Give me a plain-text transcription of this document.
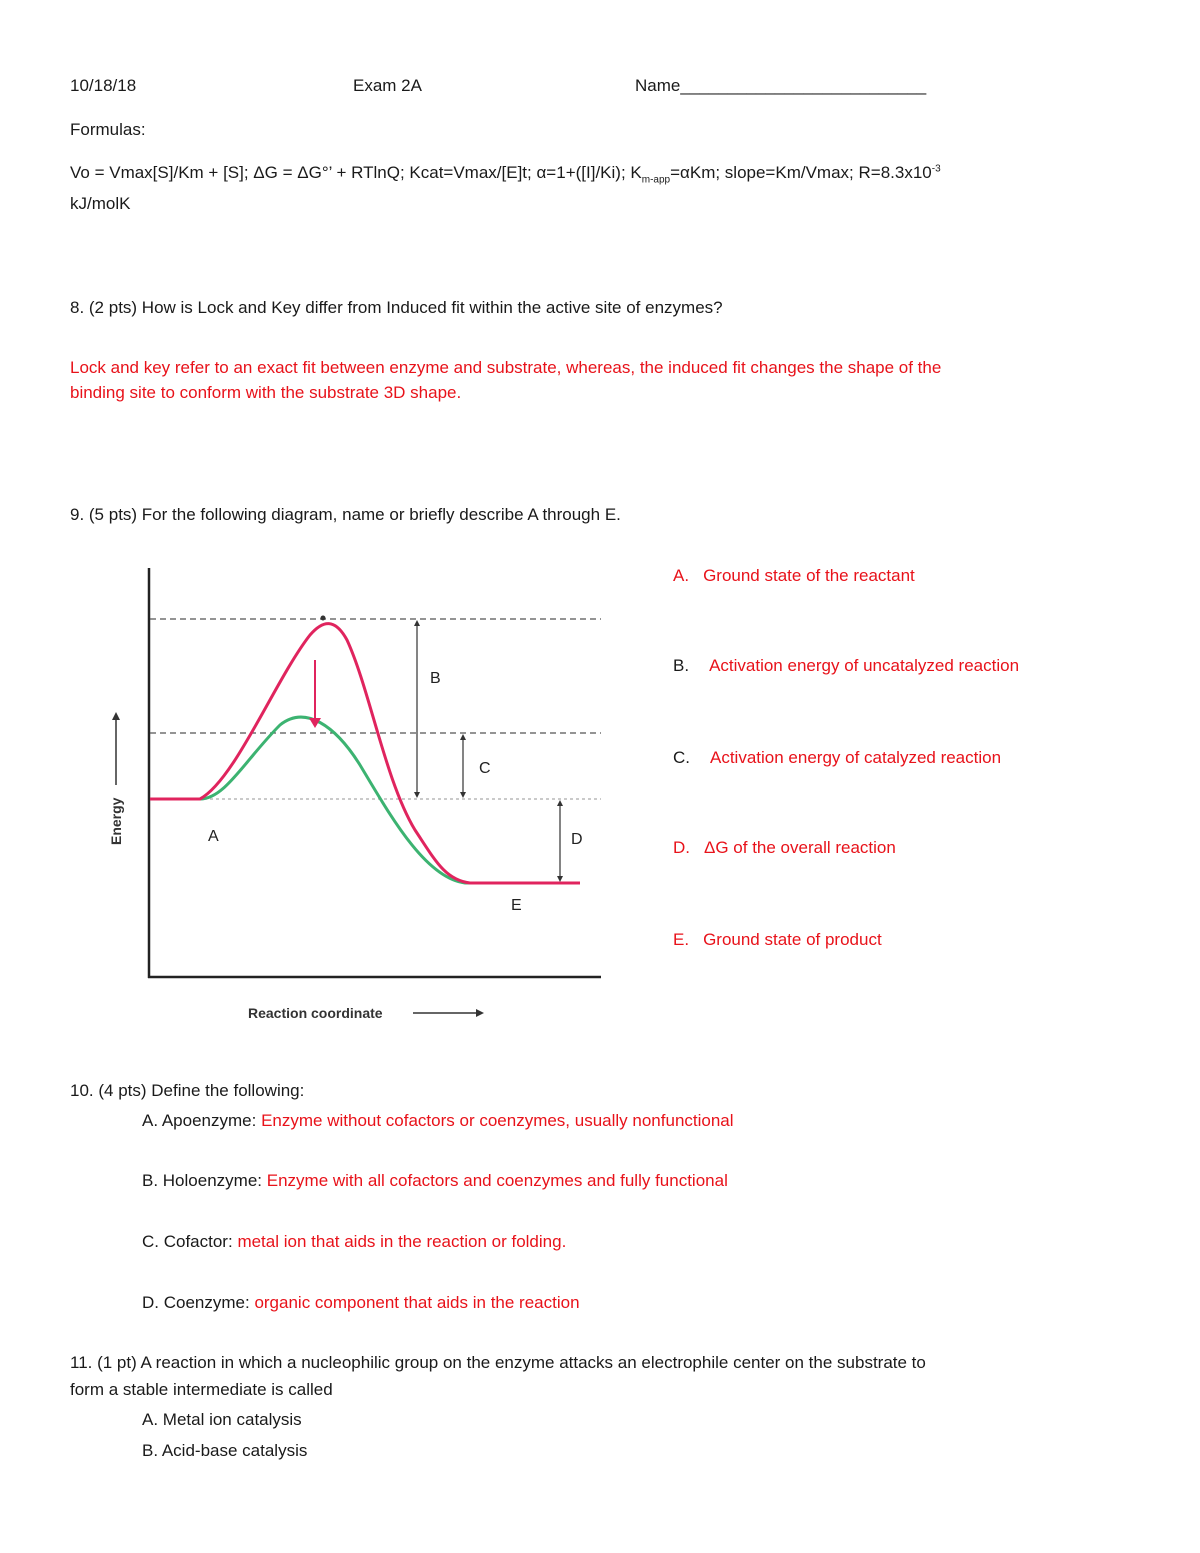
10/18/18	Exam 2A	Name__________________________
Formulas:
Vo = Vmax[S]/Km + [S]; ΔG = ΔG°’ + RTlnQ; Kcat=Vmax/[E]t; α=1+([I]/Ki); $K_{m-app}=\alpha Km$; slope=Km/Vmax; $R=8.3x10^{-3}$
kJ/molK
8. (2 pts) How is Lock and Key differ from Induced fit within the active site of enzymes?
Lock and key refer to an exact fit between enzyme and substrate, whereas, the induced fit changes the shape of the
binding site to conform with the substrate 3D shape.
9. (5 pts) For the following diagram, name or briefly describe A through E.
B
C
A	D
E
Energy
Reaction coordinate
A. Ground state of the reactant
B. Activation energy of uncatalyzed reaction
C. Activation energy of catalyzed reaction
D. ΔG of the overall reaction
E. Ground state of product
10. (4 pts) Define the following:
A. Apoenzyme: Enzyme without cofactors or coenzymes, usually nonfunctional
B. Holoenzyme: Enzyme with all cofactors and coenzymes and fully functional
C. Cofactor: metal ion that aids in the reaction or folding.
D. Coenzyme: organic component that aids in the reaction
11. (1 pt) A reaction in which a nucleophilic group on the enzyme attacks an electrophile center on the substrate to
form a stable intermediate is called
A. Metal ion catalysis
B. Acid-base catalysis
